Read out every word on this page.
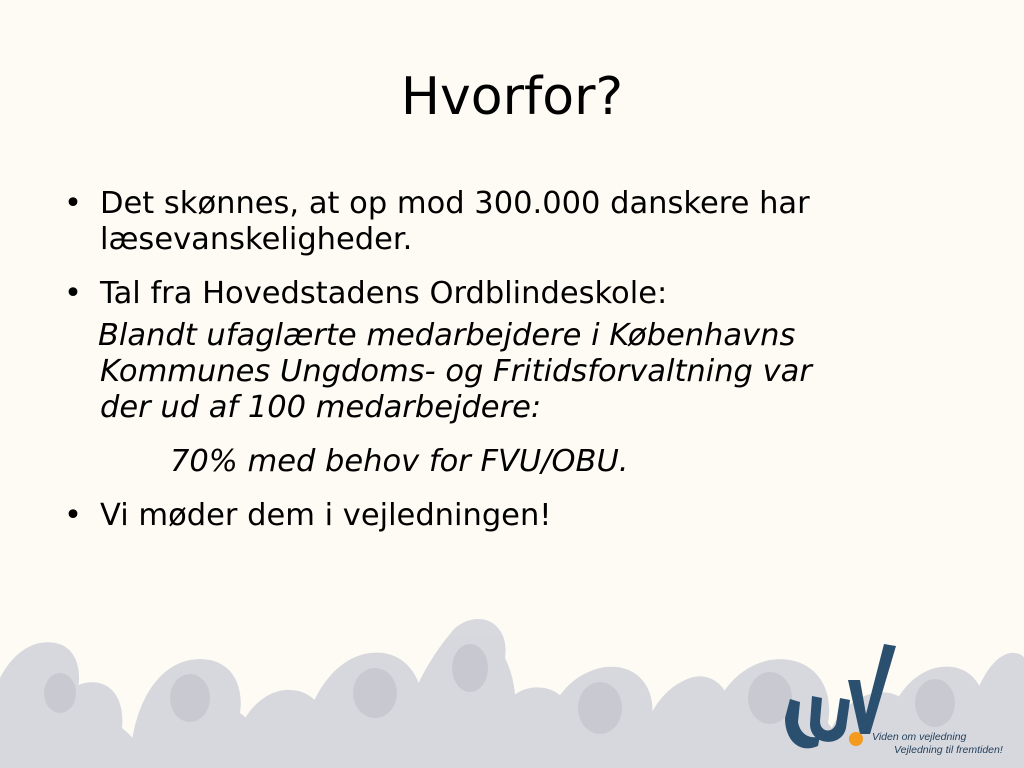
Hvorfor?
• Det skønnes, at op mod 300.000 danskere har
læsevanskeligheder.
• Tal fra Hovedstadens Ordblindeskole:
Blandt ufaglærte medarbejdere i Københavns
Kommunes Ungdoms- og Fritidsforvaltning var
der ud af 100 medarbejdere:
70% med behov for FVU/OBU.
• Vi møder dem i vejledningen!
Viden om vejledning
Vejledning til fremtiden!
